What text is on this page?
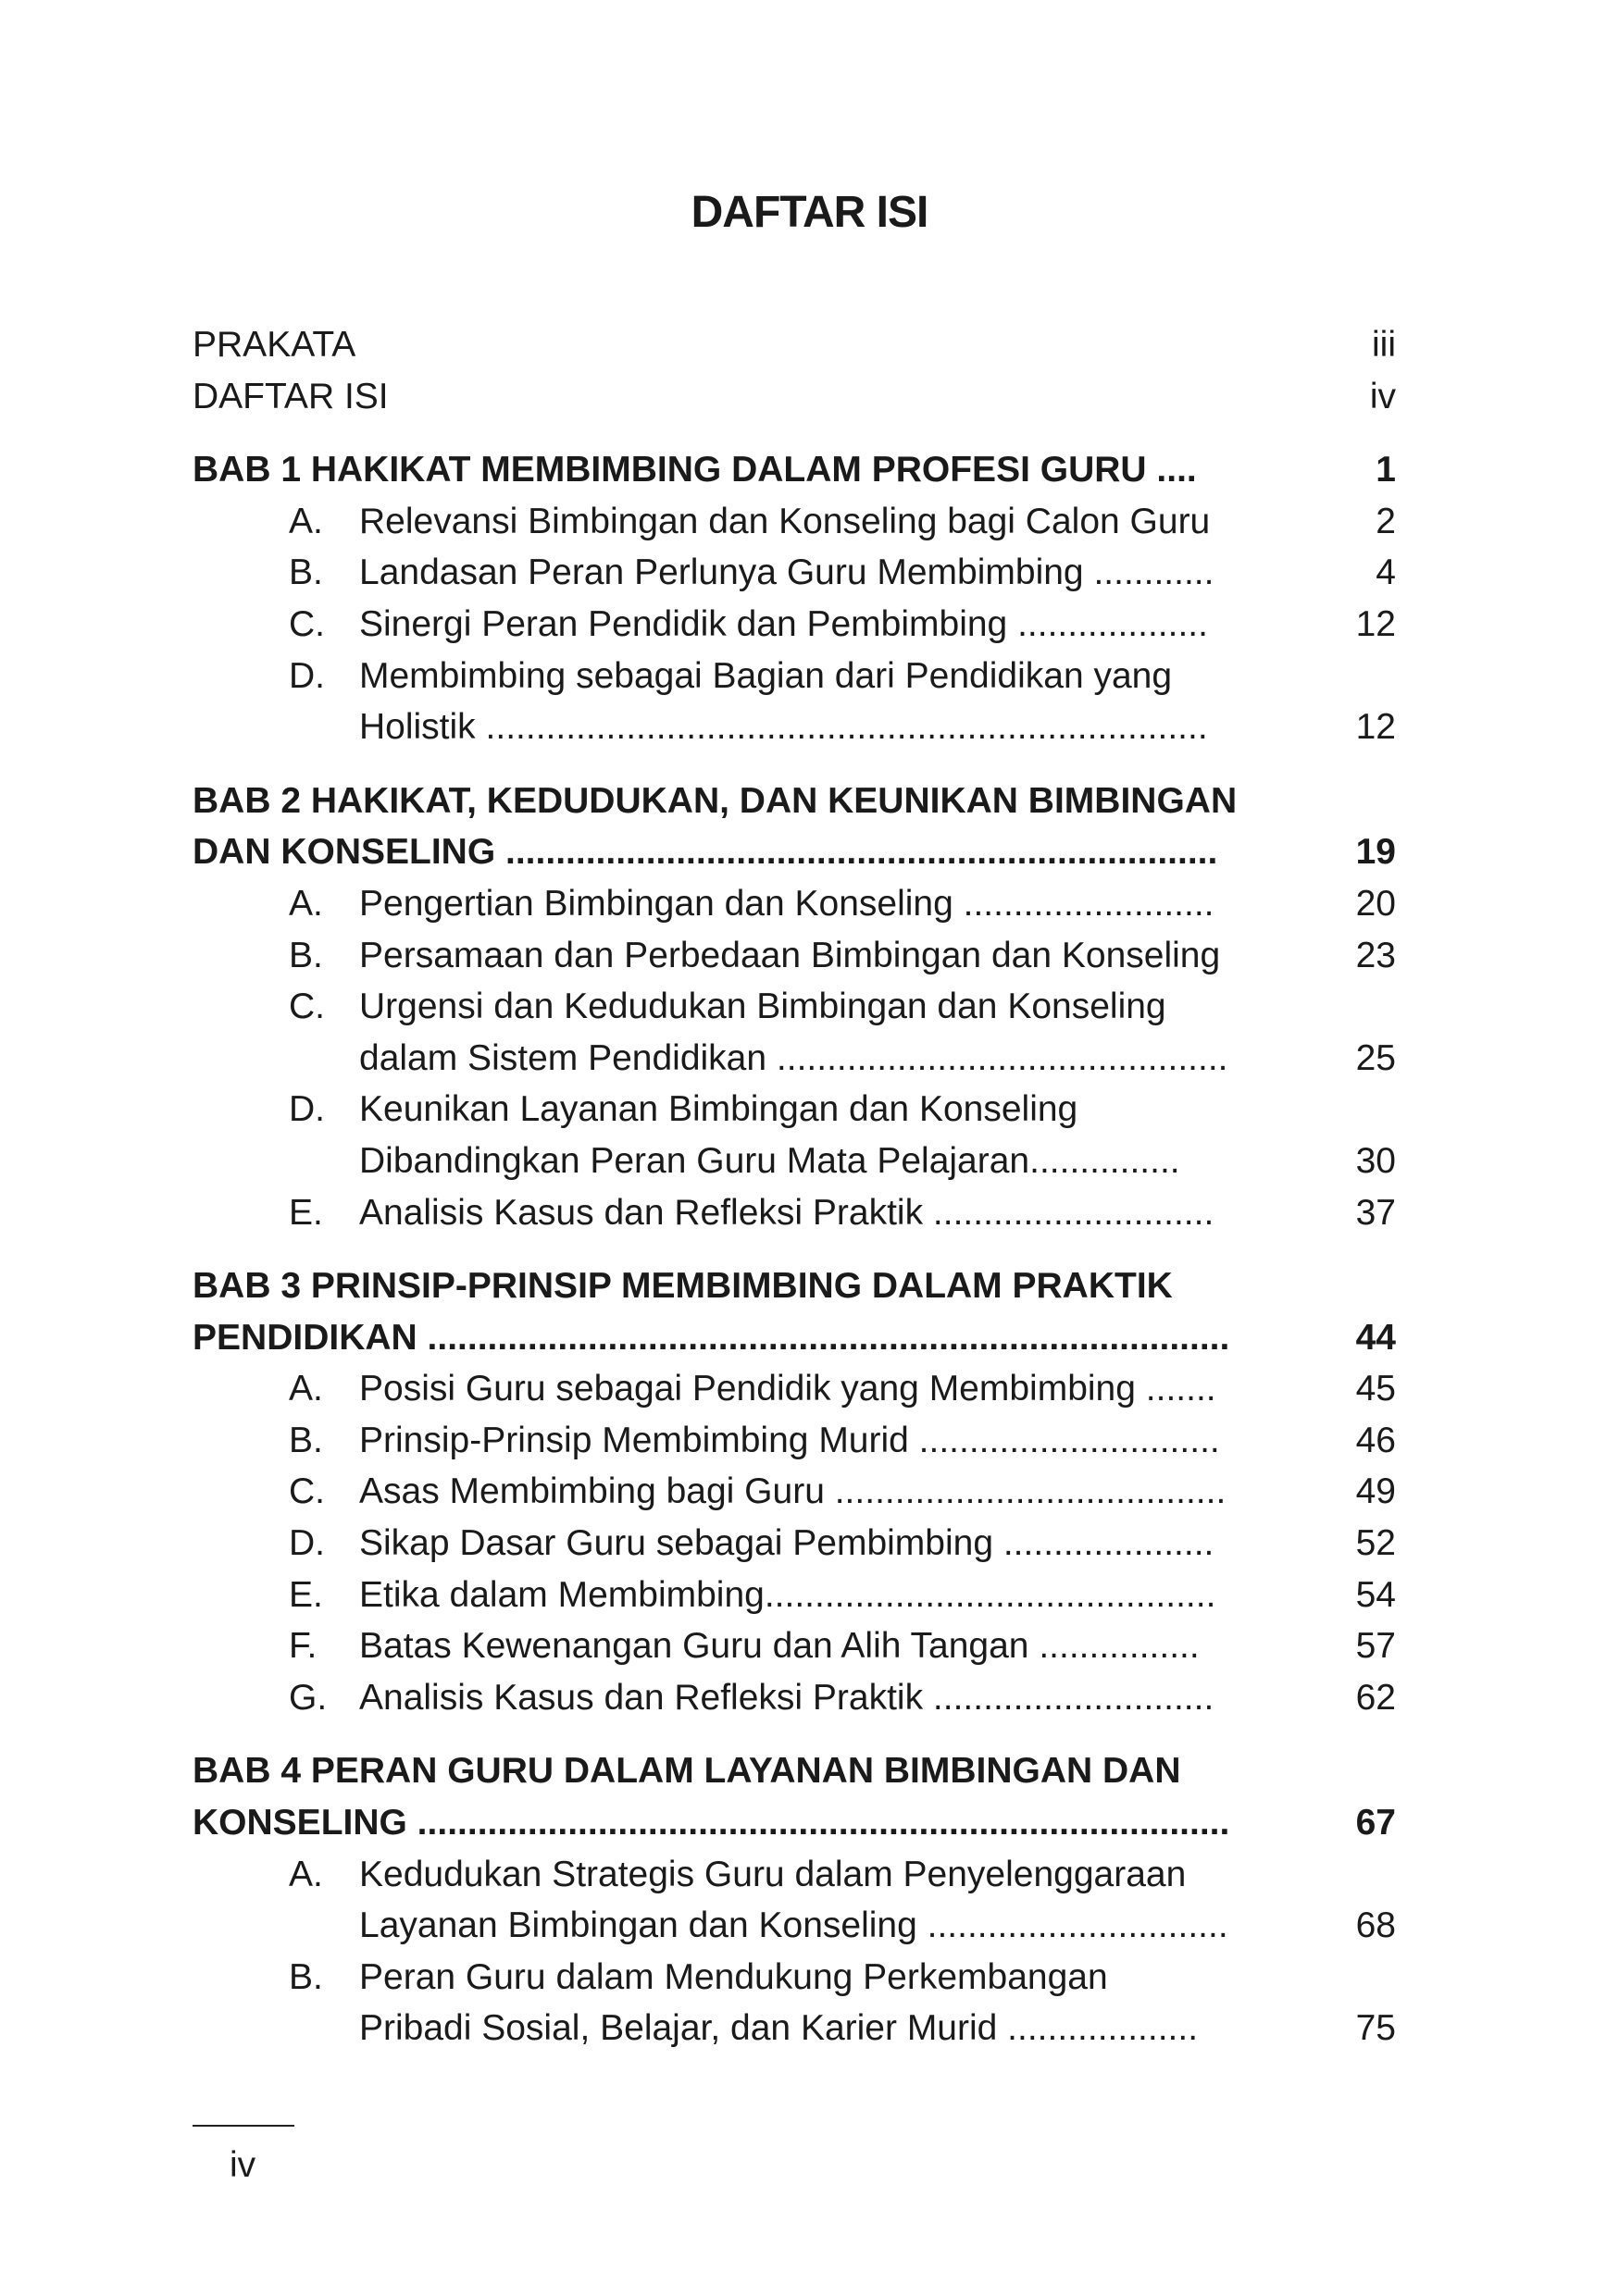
DAFTAR ISI
PRAKATA	iii
DAFTAR ISI	iv
BAB 1 HAKIKAT MEMBIMBING DALAM PROFESI GURU ....	1
A. Relevansi Bimbingan dan Konseling bagi Calon Guru	2
B. Landasan Peran Perlunya Guru Membimbing ............	4
C. Sinergi Peran Pendidik dan Pembimbing ...................	12
D. Membimbing sebagai Bagian dari Pendidikan yang
Holistik ........................................................................	12
BAB 2 HAKIKAT, KEDUDUKAN, DAN KEUNIKAN BIMBINGAN
DAN KONSELING .......................................................................	19
A. Pengertian Bimbingan dan Konseling .........................	20
B. Persamaan dan Perbedaan Bimbingan dan Konseling	23
C. Urgensi dan Kedudukan Bimbingan dan Konseling
dalam Sistem Pendidikan .............................................	25
D. Keunikan Layanan Bimbingan dan Konseling
Dibandingkan Peran Guru Mata Pelajaran...............	30
E. Analisis Kasus dan Refleksi Praktik ............................	37
BAB 3 PRINSIP-PRINSIP MEMBIMBING DALAM PRAKTIK
PENDIDIKAN ................................................................................	44
A. Posisi Guru sebagai Pendidik yang Membimbing .......	45
B. Prinsip-Prinsip Membimbing Murid ..............................	46
C. Asas Membimbing bagi Guru .......................................	49
D. Sikap Dasar Guru sebagai Pembimbing .....................	52
E. Etika dalam Membimbing.............................................	54
F. Batas Kewenangan Guru dan Alih Tangan ................	57
G. Analisis Kasus dan Refleksi Praktik ............................	62
BAB 4 PERAN GURU DALAM LAYANAN BIMBINGAN DAN
KONSELING .................................................................................	67
A. Kedudukan Strategis Guru dalam Penyelenggaraan
Layanan Bimbingan dan Konseling ..............................	68
B. Peran Guru dalam Mendukung Perkembangan
Pribadi Sosial, Belajar, dan Karier Murid ...................	75
iv
